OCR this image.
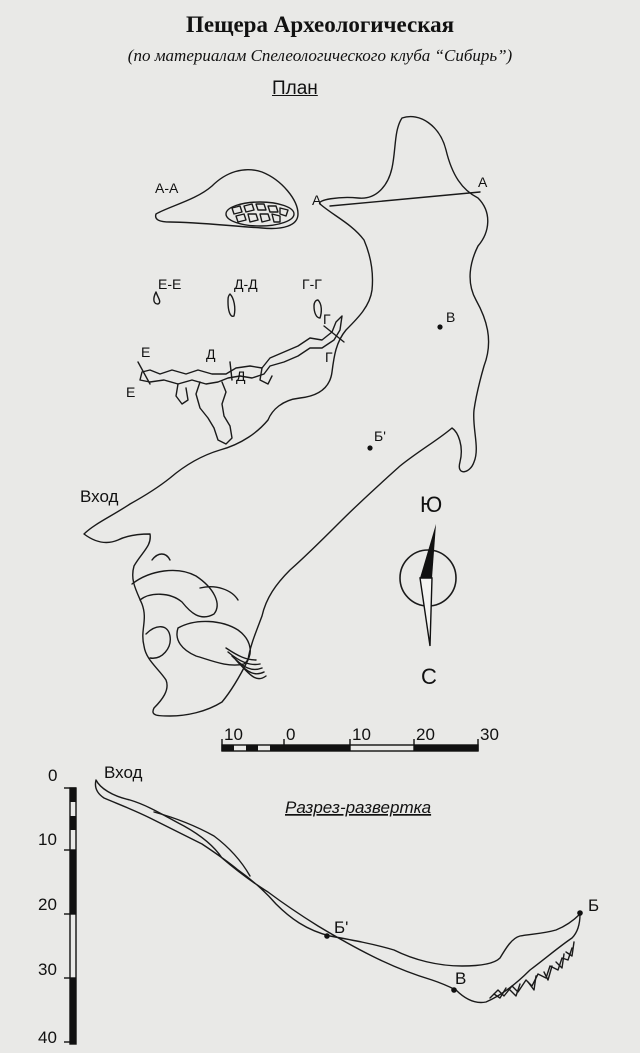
Пещера Археологическая
(по материалам Спелеологического клуба “Сибирь”)
План
А-А
А
А
Е-Е	Д-Д	Г-Г
Г
Г
В
Д
Д
Е
Е
Б'
Вход	Ю
С
10	0	10	20	30
0
10
20
30
40
Вход
Разрез-развертка
Б'
В
Б
